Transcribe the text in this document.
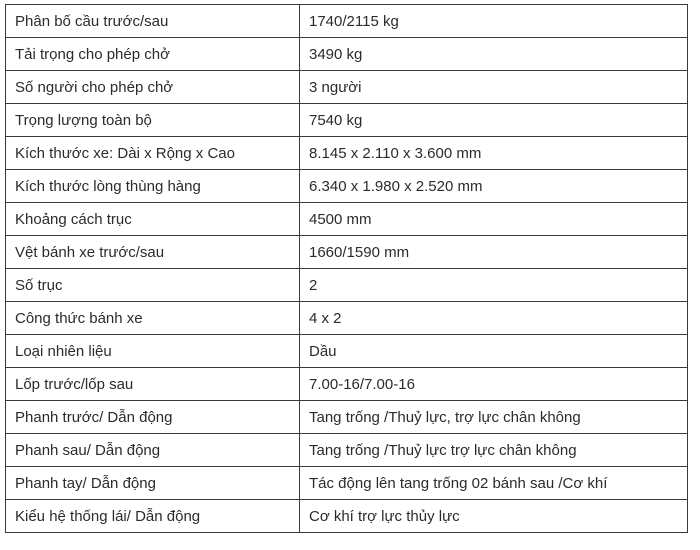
Phân bố cầu trước/sau	1740/2115 kg
Tải trọng cho phép chở	3490 kg
Số người cho phép chở	3 người
Trọng lượng toàn bộ	7540 kg
Kích thước xe: Dài x Rộng x Cao	8.145 x 2.110 x 3.600 mm
Kích thước lòng thùng hàng	6.340 x 1.980 x 2.520 mm
Khoảng cách trục	4500 mm
Vệt bánh xe trước/sau	1660/1590 mm
Số trục	2
Công thức bánh xe	4 x 2
Loại nhiên liệu	Dầu
Lốp trước/lốp sau	7.00-16/7.00-16
Phanh trước/ Dẫn động	Tang trống /Thuỷ lực, trợ lực chân không
Phanh sau/ Dẫn động	Tang trống /Thuỷ lực trợ lực chân không
Phanh tay/ Dẫn động	Tác động lên tang trống 02 bánh sau /Cơ khí
Kiểu hệ thống lái/ Dẫn động	Cơ khí trợ lực thủy lực
